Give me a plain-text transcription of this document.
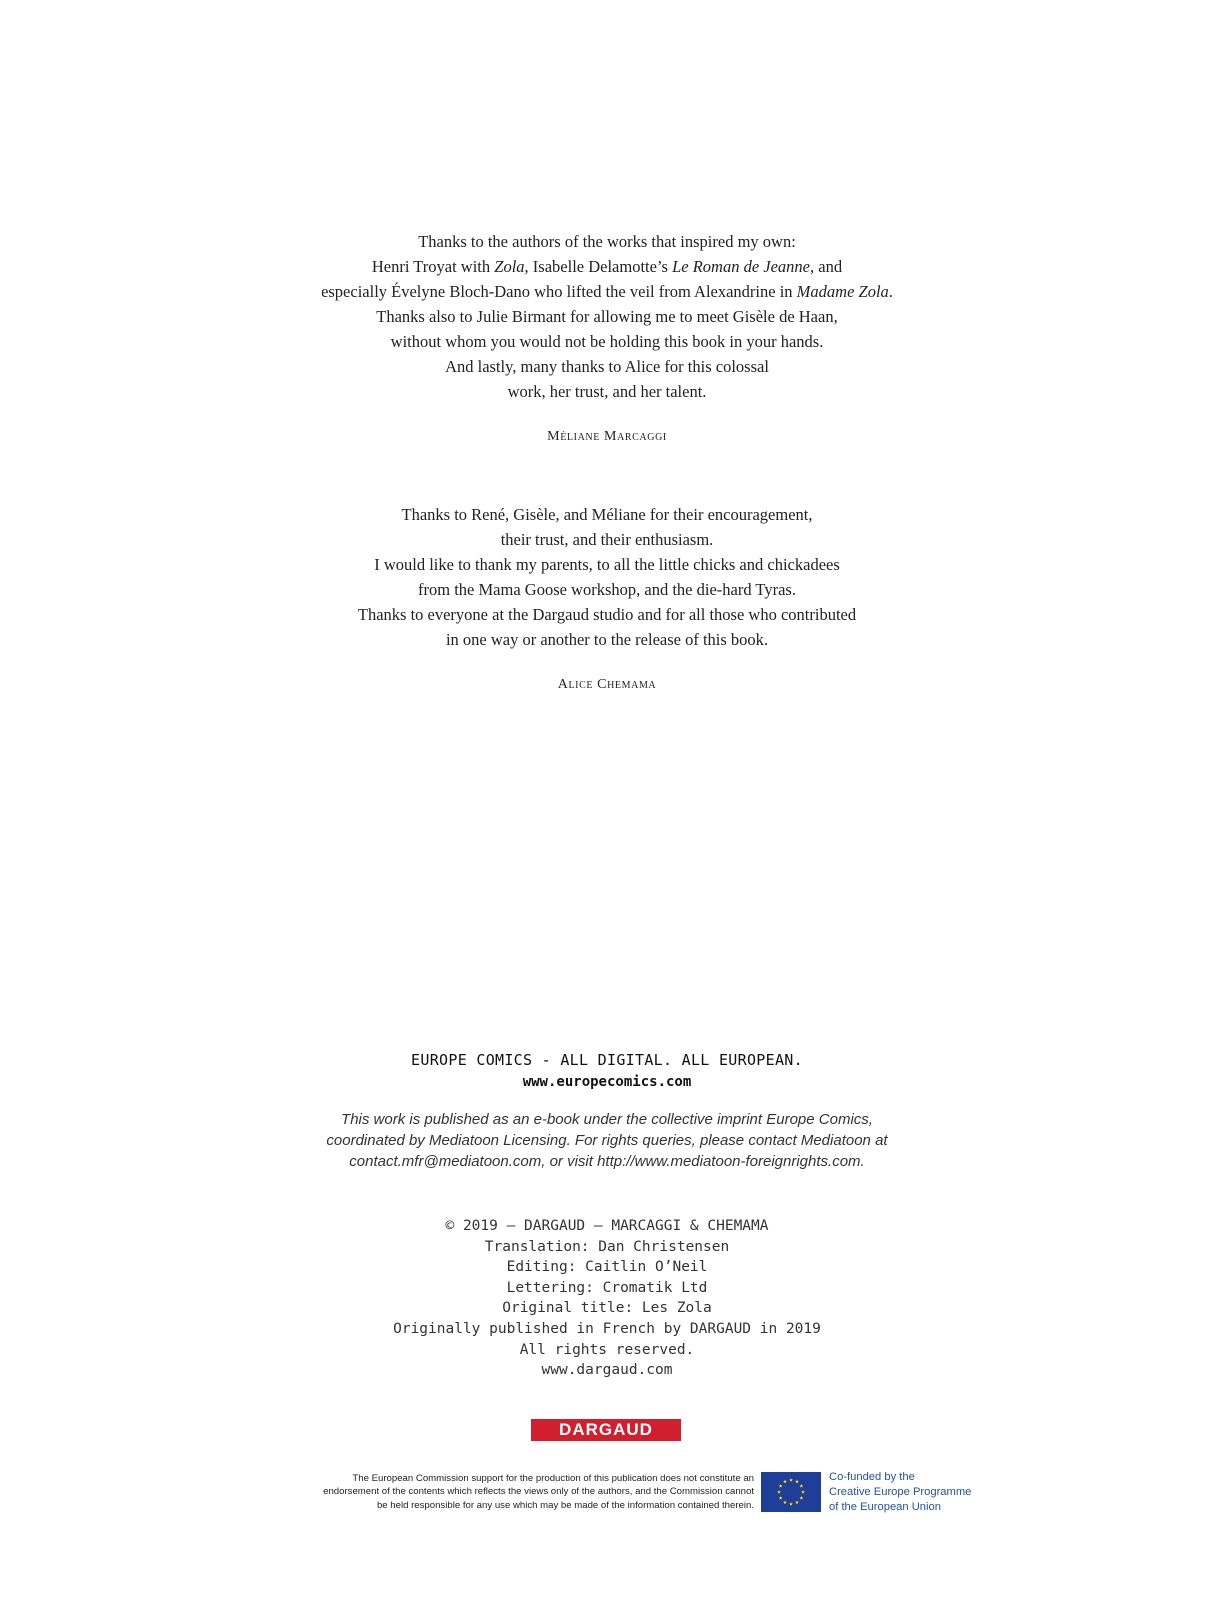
Thanks to the authors of the works that inspired my own:
Henri Troyat with Zola, Isabelle Delamotte’s Le Roman de Jeanne, and
especially Évelyne Bloch-Dano who lifted the veil from Alexandrine in Madame Zola.
Thanks also to Julie Birmant for allowing me to meet Gisèle de Haan,
without whom you would not be holding this book in your hands.
And lastly, many thanks to Alice for this colossal
work, her trust, and her talent.
Méliane Marcaggi
Thanks to René, Gisèle, and Méliane for their encouragement,
their trust, and their enthusiasm.
I would like to thank my parents, to all the little chicks and chickadees
from the Mama Goose workshop, and the die-hard Tyras.
Thanks to everyone at the Dargaud studio and for all those who contributed
in one way or another to the release of this book.
Alice Chemama
EUROPE COMICS - ALL DIGITAL. ALL EUROPEAN.
www.europecomics.com
This work is published as an e-book under the collective imprint Europe Comics,
coordinated by Mediatoon Licensing. For rights queries, please contact Mediatoon at
contact.mfr@mediatoon.com, or visit http://www.mediatoon-foreignrights.com.
© 2019 – DARGAUD – MARCAGGI & CHEMAMA
Translation: Dan Christensen
Editing: Caitlin O’Neil
Lettering: Cromatik Ltd
Original title: Les Zola
Originally published in French by DARGAUD in 2019
All rights reserved.
www.dargaud.com
DARGAUD
The European Commission support for the production of this publication does not constitute an
endorsement of the contents which reflects the views only of the authors, and the Commission cannot
be held responsible for any use which may be made of the information contained therein.
Co-funded by the
Creative Europe Programme
of the European Union
